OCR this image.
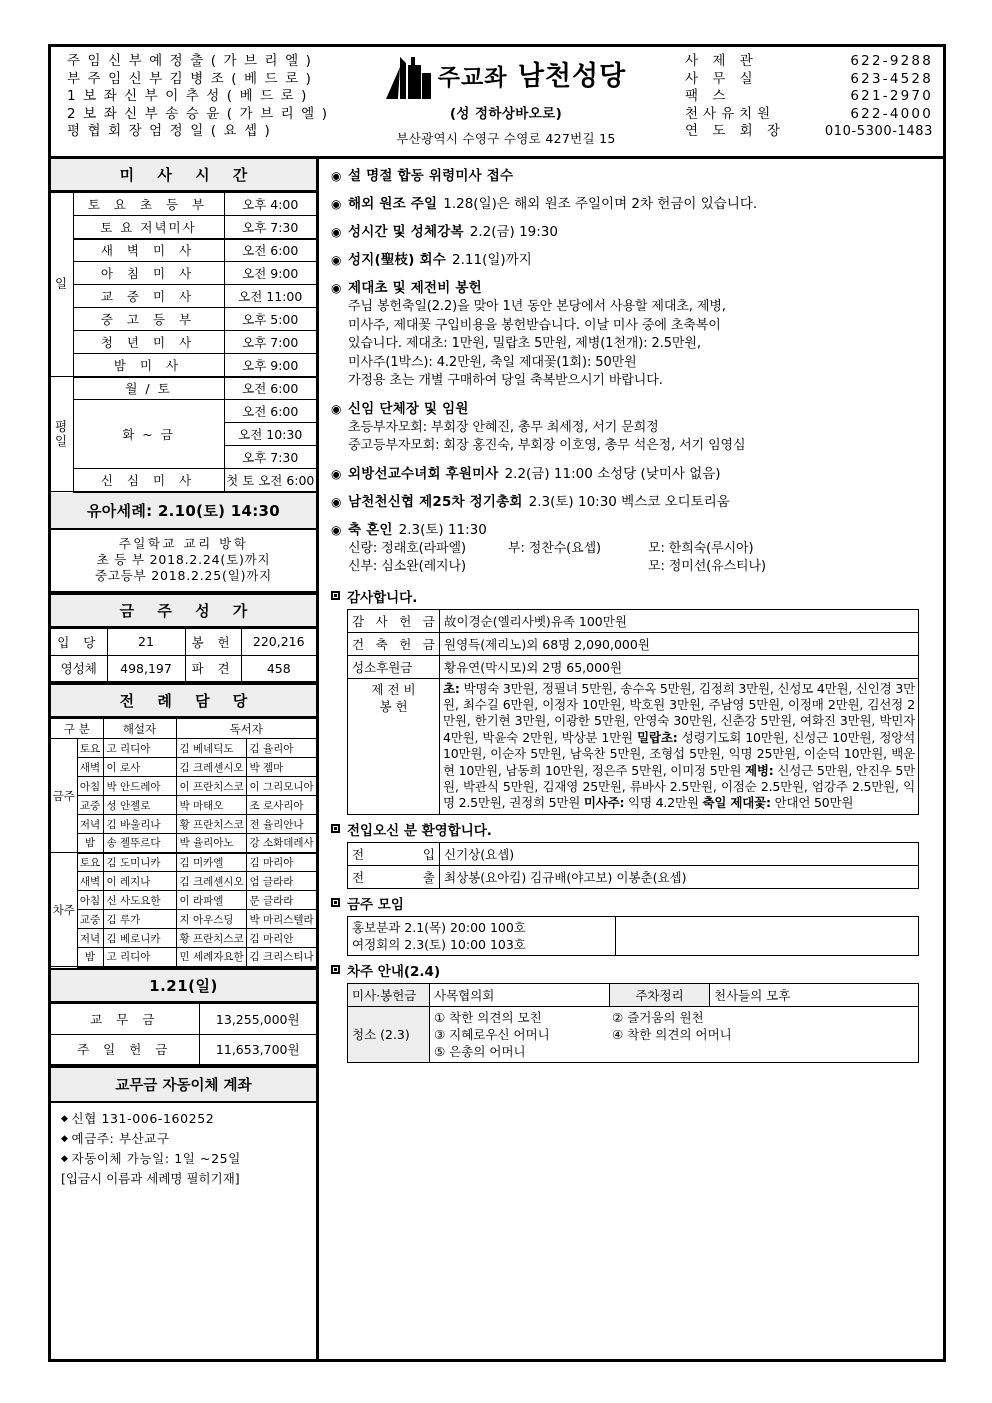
주 임 신 부 예 정 출 ( 가 브 리 엘 )
부 주 임 신 부 김 병 조 ( 베 드 로 )
1 보 좌 신 부 이 추 성 ( 베 드 로 )
2 보 좌 신 부 송 승 윤 ( 가 브 리 엘 )
평 협 회 장 엄 정 일 ( 요 셉 )
주교좌 남천성당
(성 정하상바오로)
부산광역시 수영구 수영로 427번길 15
사 제 관	622-9288
사 무 실	623-4528
팩 스	621-2970
천사유치원	622-4000
연 도 회 장	010-5300-1483
미 사 시 간
일	토 요 초 등 부	오후 4:00
	토 요 저녁미사	오후 7:30
	새 벽 미 사	오전 6:00
	아 침 미 사	오전 9:00
	교 중 미 사	오전 11:00
	중 고 등 부	오후 5:00
	청 년 미 사	오후 7:00
	밤 미 사	오후 9:00

평일	월 / 토	오전 6:00
	화 ~ 금	오전 6:00
		오전 10:30
		오후 7:30
	신 심 미 사	첫 토 오전 6:00
유아세례: 2.10(토) 14:30
주일학교 교리 방학
초 등 부 2018.2.24(토)까지
중고등부 2018.2.25(일)까지
금 주 성 가
입 당	21	봉 헌	220,216
영성체	498,197	파 견	458
전 례 담 당
구 분		해설자	독서자	
금주	토요	고 리디아	김 베네딕도	김 율리아
	새벽	이 로사	김 크레센시오	박 젬마
	아침	박 안드레아	이 프란치스코	이 그리모니아
	교중	성 안젤로	박 마태오	조 로사리아
	저녁	김 바울리나	황 프란치스코	전 율리안나
	밤	송 젤뚜르다	박 율리아노	강 소화데레사
차주	토요	김 도미니카	김 미카엘	김 마리아
	새벽	이 레지나	김 크레센시오	엄 글라라
	아침	신 사도요한	이 라파엘	문 글라라
	교중	김 루가	지 아우스딩	박 마리스텔라
	저녁	김 베로니카	황 프란치스코	김 마리안
	밤	고 리디아	민 세례자요한	김 크리스티나
1.21(일)
교 무 금	13,255,000원
주 일 헌 금	11,653,700원
교무금 자동이체 계좌
◆ 신협 131-006-160252
◆ 예금주: 부산교구
◆ 자동이체 가능일: 1일 ~25일
[입금시 이름과 세례명 필히기재]
◉ 설 명절 합동 위령미사 접수
◉ 해외 원조 주일 1.28(일)은 해외 원조 주일이며 2차 헌금이 있습니다.
◉ 성시간 및 성체강복 2.2(금) 19:30
◉ 성지(聖枝) 회수 2.11(일)까지
◉ 제대초 및 제전비 봉헌
주님 봉헌축일(2.2)을 맞아 1년 동안 본당에서 사용할 제대초, 제병,
미사주, 제대꽃 구입비용을 봉헌받습니다. 이날 미사 중에 초축복이
있습니다. 제대초: 1만원, 밀랍초 5만원, 제병(1천개): 2.5만원,
미사주(1박스): 4.2만원, 축일 제대꽃(1회): 50만원
가정용 초는 개별 구매하여 당일 축복받으시기 바랍니다.
◉ 신임 단체장 및 임원
초등부자모회: 부회장 안혜진, 총무 최세정, 서기 문희정
중고등부자모회: 회장 홍진숙, 부회장 이호영, 총무 석은정, 서기 임영심
◉ 외방선교수녀회 후원미사 2.2(금) 11:00 소성당 (낮미사 없음)
◉ 남천천신협 제25차 정기총회 2.3(토) 10:30 벡스코 오디토리움
◉ 축 혼인 2.3(토) 11:30
신랑: 정래호(라파엘)	부: 정찬수(요셉)	모: 한희숙(루시아)
신부: 심소완(레지나)	모: 정미선(유스티나)
감사합니다.
감 사 헌 금	故이경순(엘리사벳)유족 100만원
건 축 헌 금	원영득(제리노)외 68명 2,090,000원
성소후원금	황유연(막시모)외 2명 65,000원

제 전 비
봉 헌	초: 박명숙 3만원, 정필녀 5만원, 송수옥 5만원, 김정희 3만원, 신성모 4만원, 신인경 3만원, 최수길 6만원, 이정자 10만원, 박호원 3만원, 주남영 5만원, 이정매 2만원, 김선정 2만원, 한기현 3만원, 이광한 5만원, 안영숙 30만원, 신춘강 5만원, 여화진 3만원, 박민자 4만원, 박윤숙 2만원, 박상분 1만원 밀랍초: 성령기도회 10만원, 신성근 10만원, 정앙석 10만원, 이순자 5만원, 남욱찬 5만원, 조형섭 5만원, 익명 25만원, 이순덕 10만원, 백운현 10만원, 남동희 10만원, 정은주 5만원, 이미정 5만원 제병: 신성근 5만원, 안진우 5만원, 박관식 5만원, 김재영 25만원, 류바사 2.5만원, 이점순 2.5만원, 엄강주 2.5만원, 익명 2.5만원, 권정희 5만원 미사주: 익명 4.2만원 축일 제대꽃: 안대언 50만원
전입오신 분 환영합니다.
전 입	신기상(요셉)
전 출	최상봉(요아킴) 김규배(야고보) 이봉춘(요셉)
금주 모임
홍보분과 2.1(목) 20:00 100호
여정회의 2.3(토) 10:00 103호

차주 안내(2.4)
미사·봉헌금	사목협의회	주차정리	천사들의 모후
청소 (2.3)	① 착한 의견의 모친 ② 즐거움의 원천
③ 지혜로우신 어머니 ④ 착한 의견의 어머니
⑤ 은총의 어머니		
